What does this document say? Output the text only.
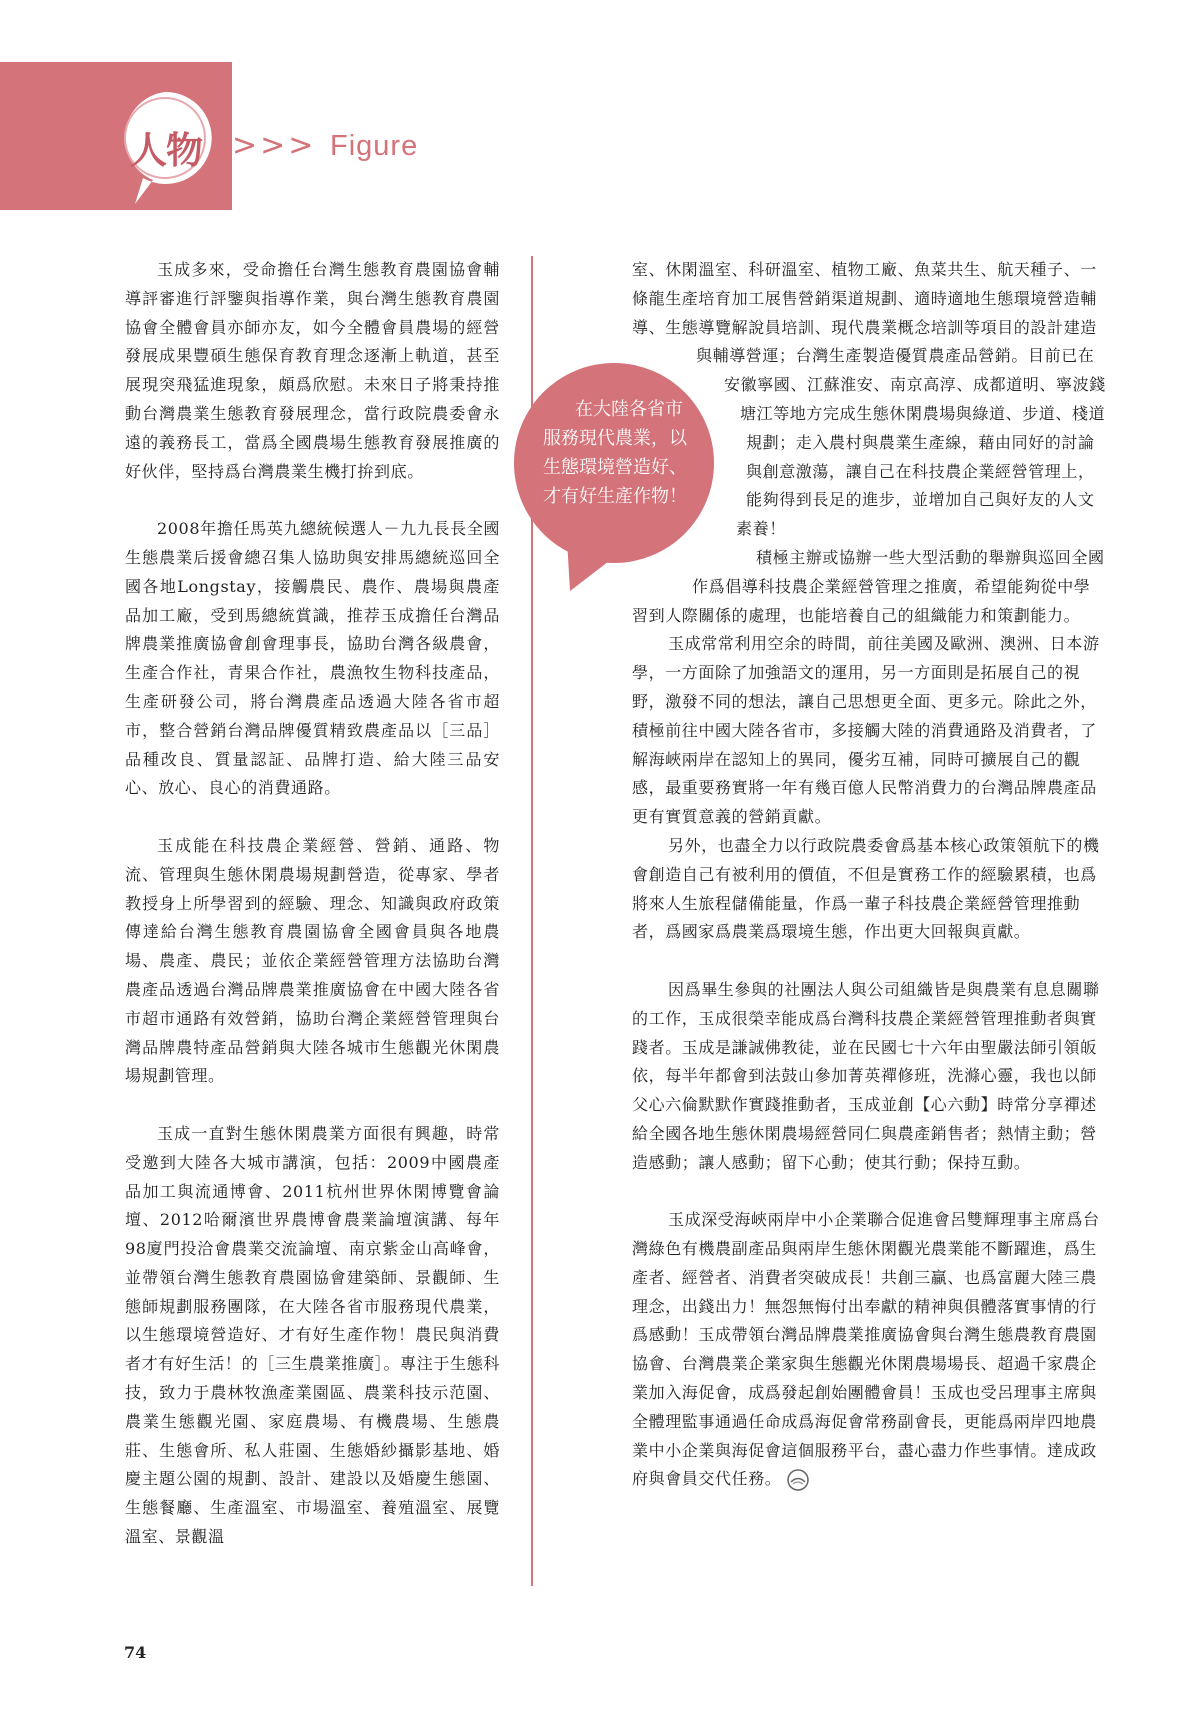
人物	>>> Figure

玉成多來，受命擔任台灣生態教育農園協會輔導評審進行評鑒與指導作業，與台灣生態教育農園協會全體會員亦師亦友，如今全體會員農場的經營發展成果豐碩生態保育教育理念逐漸上軌道，甚至展現突飛猛進現象，頗爲欣慰。未來日子將秉持推動台灣農業生態教育發展理念，當行政院農委會永遠的義務長工，當爲全國農場生態教育發展推廣的好伙伴，堅持爲台灣農業生機打拚到底。

2008年擔任馬英九總統候選人－九九長長全國生態農業后援會總召集人協助與安排馬總統巡回全國各地Longstay，接觸農民、農作、農場與農產品加工廠，受到馬總統賞識，推荐玉成擔任台灣品牌農業推廣協會創會理事長，協助台灣各級農會，生產合作社，青果合作社，農漁牧生物科技產品，生產研發公司，將台灣農產品透過大陸各省市超市，整合營銷台灣品牌優質精致農產品以［三品］品種改良、質量認証、品牌打造、給大陸三品安心、放心、良心的消費通路。

玉成能在科技農企業經營、營銷、通路、物流、管理與生態休閑農場規劃營造，從專家、學者教授身上所學習到的經驗、理念、知識與政府政策傳達給台灣生態教育農園協會全國會員與各地農場、農產、農民；並依企業經營管理方法協助台灣農產品透過台灣品牌農業推廣協會在中國大陸各省市超市通路有效營銷，協助台灣企業經營管理與台灣品牌農特產品營銷與大陸各城市生態觀光休閑農場規劃管理。

玉成一直對生態休閑農業方面很有興趣，時常受邀到大陸各大城市講演，包括：2009中國農產品加工與流通博會、2011杭州世界休閑博覽會論壇、2012哈爾濱世界農博會農業論壇演講、每年98廈門投洽會農業交流論壇、南京紫金山高峰會，並帶領台灣生態教育農園協會建築師、景觀師、生態師規劃服務團隊，在大陸各省市服務現代農業，以生態環境營造好、才有好生產作物！農民與消費者才有好生活！的［三生農業推廣］。專注于生態科技，致力于農林牧漁產業園區、農業科技示范園、農業生態觀光園、家庭農場、有機農場、生態農莊、生態會所、私人莊園、生態婚紗攝影基地、婚慶主題公園的規劃、設計、建設以及婚慶生態園、生態餐廳、生產溫室、市場溫室、養殖溫室、展覽溫室、景觀溫

室、休閑溫室、科研溫室、植物工廠、魚菜共生、航天種子、一
條龍生產培育加工展售營銷渠道規劃、適時適地生態環境營造輔
導、生態導覽解說員培訓、現代農業概念培訓等項目的設計建造
與輔導營運；台灣生產製造優質農產品營銷。目前已在
安徽寧國、江蘇淮安、南京高淳、成都道明、寧波錢
塘江等地方完成生態休閑農場與綠道、步道、棧道
規劃；走入農村與農業生產線，藉由同好的討論
與創意激蕩，讓自己在科技農企業經營管理上，
能夠得到長足的進步，並增加自己與好友的人文
素養！
積極主辦或協辦一些大型活動的舉辦與巡回全國
作爲倡導科技農企業經營管理之推廣，希望能夠從中學
習到人際關係的處理，也能培養自己的組織能力和策劃能力。
玉成常常利用空余的時間，前往美國及歐洲、澳洲、日本游
學，一方面除了加強語文的運用，另一方面則是拓展自己的視
野，激發不同的想法，讓自己思想更全面、更多元。除此之外，
積極前往中國大陸各省市，多接觸大陸的消費通路及消費者，了
解海峽兩岸在認知上的異同，優劣互補，同時可擴展自己的觀
感，最重要務實將一年有幾百億人民幣消費力的台灣品牌農產品
更有實質意義的營銷貢獻。
另外，也盡全力以行政院農委會爲基本核心政策領航下的機
會創造自己有被利用的價值，不但是實務工作的經驗累積，也爲
將來人生旅程儲備能量，作爲一輩子科技農企業經營管理推動
者，爲國家爲農業爲環境生態，作出更大回報與貢獻。

因爲畢生參與的社團法人與公司組織皆是與農業有息息關聯
的工作，玉成很榮幸能成爲台灣科技農企業經營管理推動者與實
踐者。玉成是謙誠佛教徒，並在民國七十六年由聖嚴法師引領皈
依，每半年都會到法鼓山參加菁英禪修班，洗滌心靈，我也以師
父心六倫默默作實踐推動者，玉成並創【心六動】時常分享禪述
給全國各地生態休閑農場經營同仁與農產銷售者；熱情主動；營
造感動；讓人感動；留下心動；使其行動；保持互動。

玉成深受海峽兩岸中小企業聯合促進會呂雙輝理事主席爲台
灣綠色有機農副產品與兩岸生態休閑觀光農業能不斷躍進，爲生
產者、經營者、消費者突破成長！共創三贏、也爲富麗大陸三農
理念，出錢出力！無怨無悔付出奉獻的精神與俱體落實事情的行
爲感動！玉成帶領台灣品牌農業推廣協會與台灣生態農教育農園
協會、台灣農業企業家與生態觀光休閑農場場長、超過千家農企
業加入海促會，成爲發起創始團體會員！玉成也受呂理事主席與
全體理監事通過任命成爲海促會常務副會長，更能爲兩岸四地農
業中小企業與海促會這個服務平台，盡心盡力作些事情。達成政
府與會員交代任務。
在大陸各省市
服務現代農業，以
生態環境營造好、
才有好生產作物！
74
